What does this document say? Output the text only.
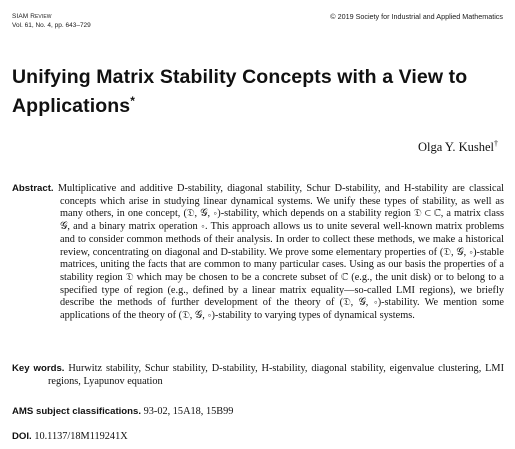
SIAM Review
Vol. 61, No. 4, pp. 643–729
© 2019 Society for Industrial and Applied Mathematics
Unifying Matrix Stability Concepts with a View to Applications*
Olga Y. Kushel†

Abstract. Multiplicative and additive D-stability, diagonal stability, Schur D-stability, and H-stability are classical concepts which arise in studying linear dynamical systems. We unify these types of stability, as well as many others, in one concept, (𝔇, 𝒢, ∘)-stability, which depends on a stability region 𝔇 ⊂ ℂ, a matrix class 𝒢, and a binary matrix operation ∘. This approach allows us to unite several well-known matrix problems and to consider common methods of their analysis. In order to collect these methods, we make a historical review, concentrating on diagonal and D-stability. We prove some elementary properties of (𝔇, 𝒢, ∘)-stable matrices, uniting the facts that are common to many particular cases. Using as our basis the properties of a stability region 𝔇 which may be chosen to be a concrete subset of ℂ (e.g., the unit disk) or to belong to a specified type of region (e.g., defined by a linear matrix equality—so-called LMI regions), we briefly describe the methods of further development of the theory of (𝔇, 𝒢, ∘)-stability. We mention some applications of the theory of (𝔇, 𝒢, ∘)-stability to varying types of dynamical systems.

Key words. Hurwitz stability, Schur stability, D-stability, H-stability, diagonal stability, eigenvalue clustering, LMI regions, Lyapunov equation

AMS subject classifications. 93-02, 15A18, 15B99
DOI. 10.1137/18M119241X
